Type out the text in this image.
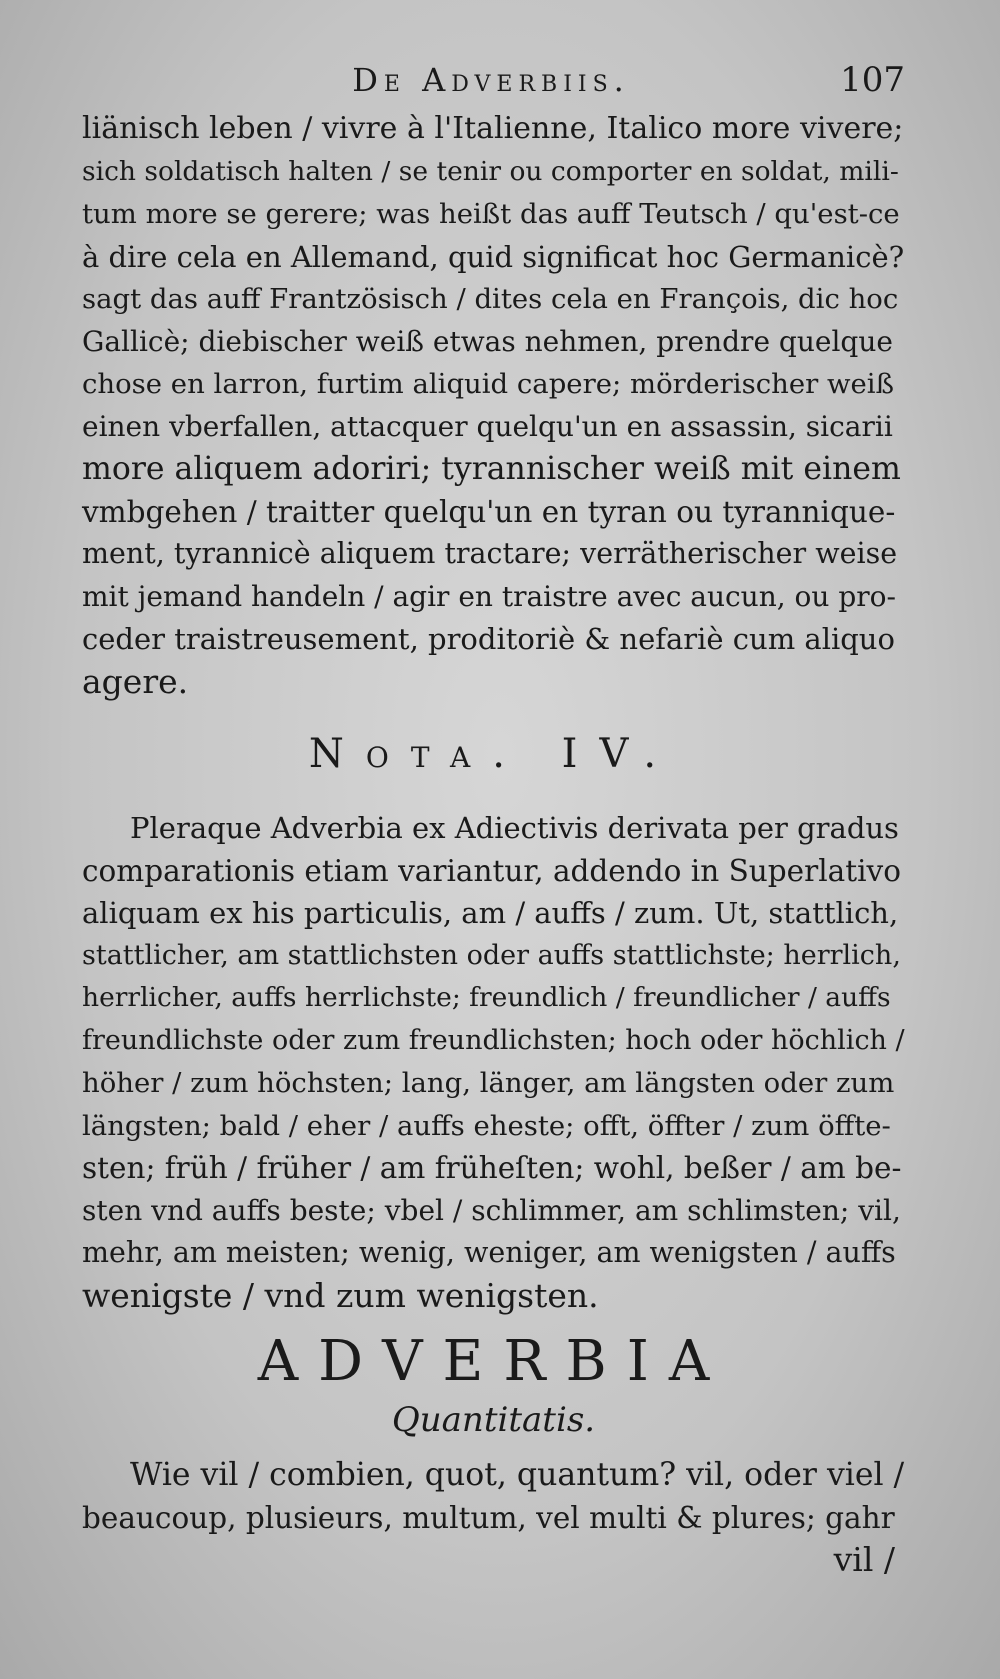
De Adverbiis.	107

liänisch leben / vivre à l'Italienne, Italico more vivere;

sich soldatisch halten / se tenir ou comporter en soldat, mili-

tum more se gerere; was heißt das auff Teutsch / qu'est-ce

à dire cela en Allemand, quid significat hoc Germanicè?

sagt das auff Frantzösisch / dites cela en François, dic hoc

Gallicè; diebischer weiß etwas nehmen, prendre quelque

chose en larron, furtim aliquid capere; mörderischer weiß

einen vberfallen, attacquer quelqu'un en assassin, sicarii

more aliquem adoriri; tyrannischer weiß mit einem

vmbgehen / traitter quelqu'un en tyran ou tyrannique-

ment, tyrannicè aliquem tractare; verrätherischer weise

mit jemand handeln / agir en traistre avec aucun, ou pro-

ceder traistreusement, proditoriè & nefariè cum aliquo

agere.

Nota. IV.

Pleraque Adverbia ex Adiectivis derivata per gradus

comparationis etiam variantur, addendo in Superlativo

aliquam ex his particulis, am / auffs / zum. Ut, stattlich,

stattlicher, am stattlichsten oder auffs stattlichste; herrlich,

herrlicher, auffs herrlichste; freundlich / freundlicher / auffs

freundlichste oder zum freundlichsten; hoch oder höchlich /

höher / zum höchsten; lang, länger, am längsten oder zum

längsten; bald / eher / auffs eheste; offt, öffter / zum öffte-

sten; früh / früher / am früheſten; wohl, beßer / am be-

sten vnd auffs beste; vbel / schlimmer, am schlimsten; vil,

mehr, am meisten; wenig, weniger, am wenigsten / auffs

wenigste / vnd zum wenigsten.

ADVERBIA
Quantitatis.

Wie vil / combien, quot, quantum? vil, oder viel /

beaucoup, plusieurs, multum, vel multi & plures; gahr

vil /
